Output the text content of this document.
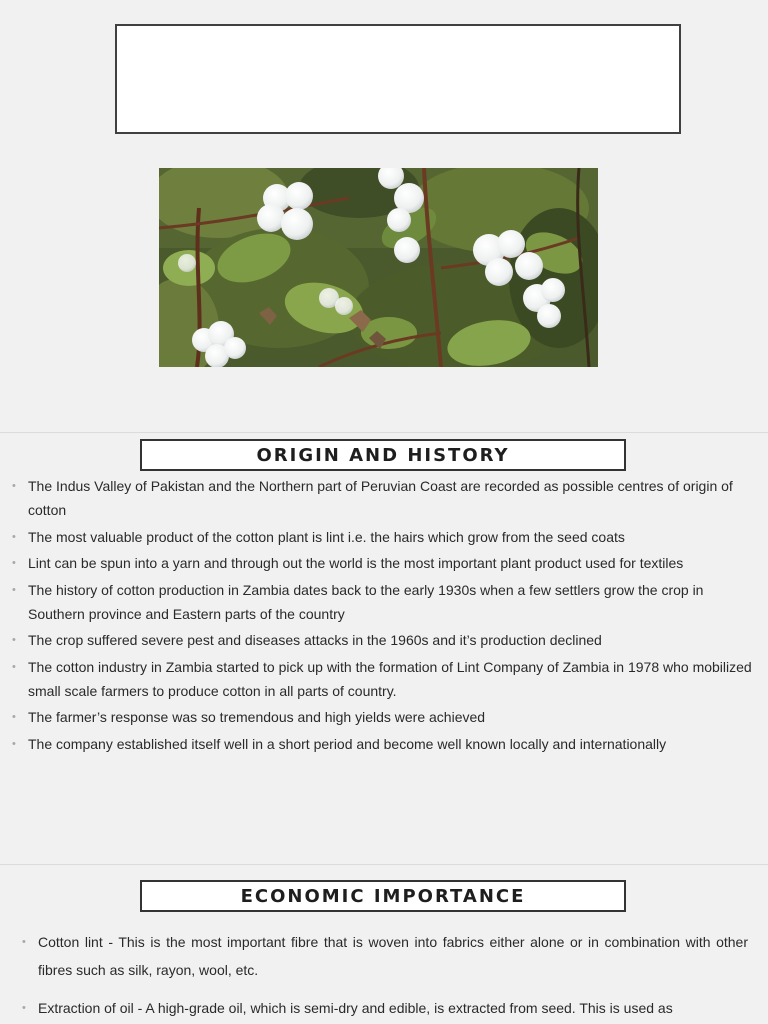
ORIGIN AND HISTORY
• The Indus Valley of Pakistan and the Northern part of Peruvian Coast are recorded as possible centres of origin of cotton
• The most valuable product of the cotton plant is lint i.e. the hairs which grow from the seed coats
• Lint can be spun into a yarn and through out the world is the most important plant product used for textiles
• The history of cotton production in Zambia dates back to the early 1930s when a few settlers grow the crop in Southern province and Eastern parts of the country
• The crop suffered severe pest and diseases attacks in the 1960s and it’s production declined
• The cotton industry in Zambia started to pick up with the formation of Lint Company of Zambia in 1978 who mobilized small scale farmers to produce cotton in all parts of country.
• The farmer’s response was so tremendous and high yields were achieved
• The company established itself well in a short period and become well known locally and internationally
ECONOMIC IMPORTANCE
• Cotton lint - This is the most important fibre that is woven into fabrics either alone or in combination with other fibres such as silk, rayon, wool, etc.
• Extraction of oil - A high-grade oil, which is semi-dry and edible, is extracted from seed. This is used as
